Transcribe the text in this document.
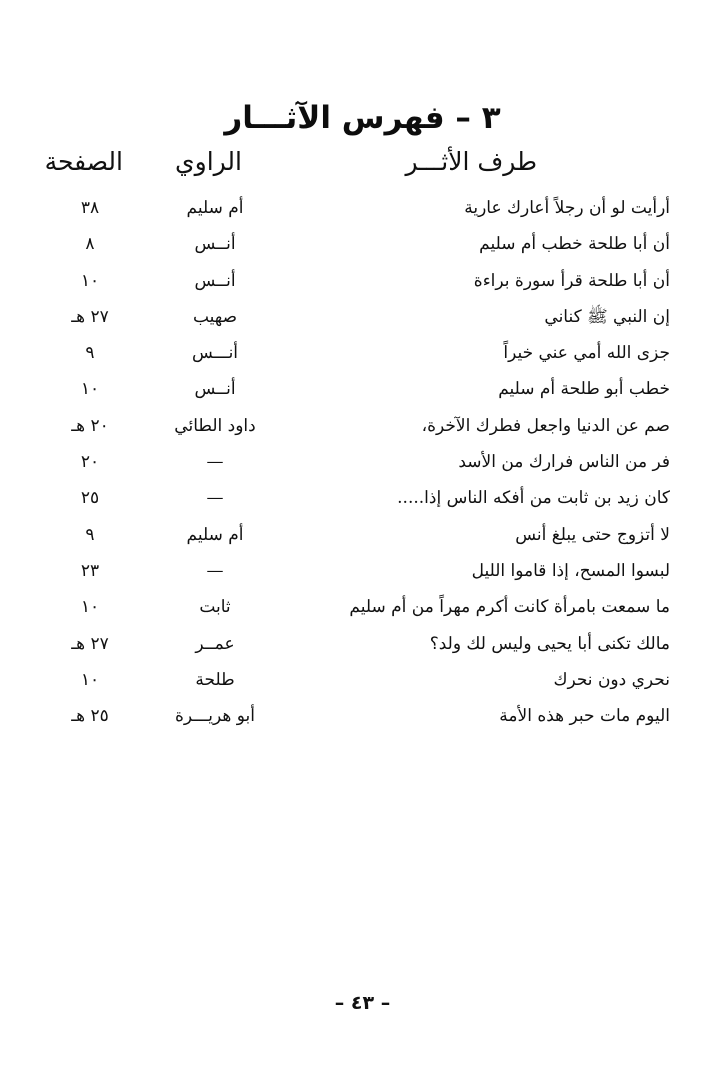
٣ – فهرس الآثـــار
طرف الأثـــر
الراوي
الصفحة
أرأيت لو أن رجلاً أعارك عارية
أم سليم
٣٨
أن أبا طلحة خطب أم سليم
أنــس
٨
أن أبا طلحة قرأ سورة براءة
أنــس
١٠
إن النبي ﷺ كناني
صهيب
٢٧ هـ
جزى الله أمي عني خيراً
أنـــس
٩
خطب أبو طلحة أم سليم
أنــس
١٠
صم عن الدنيا واجعل فطرك الآخرة،
داود الطائي
٢٠ هـ
فر من الناس فرارك من الأسد
—
٢٠
كان زيد بن ثابت من أفكه الناس إذا.....
—
٢٥
لا أتزوج حتى يبلغ أنس
أم سليم
٩
لبسوا المسح، إذا قاموا الليل
—
٢٣
ما سمعت بامرأة كانت أكرم مهراً من أم سليم
ثابت
١٠
مالك تكنى أبا يحيى وليس لك ولد؟
عمــر
٢٧ هـ
نحري دون نحرك
طلحة
١٠
اليوم مات حبر هذه الأمة
أبو هريـــرة
٢٥ هـ
– ٤٣ –
